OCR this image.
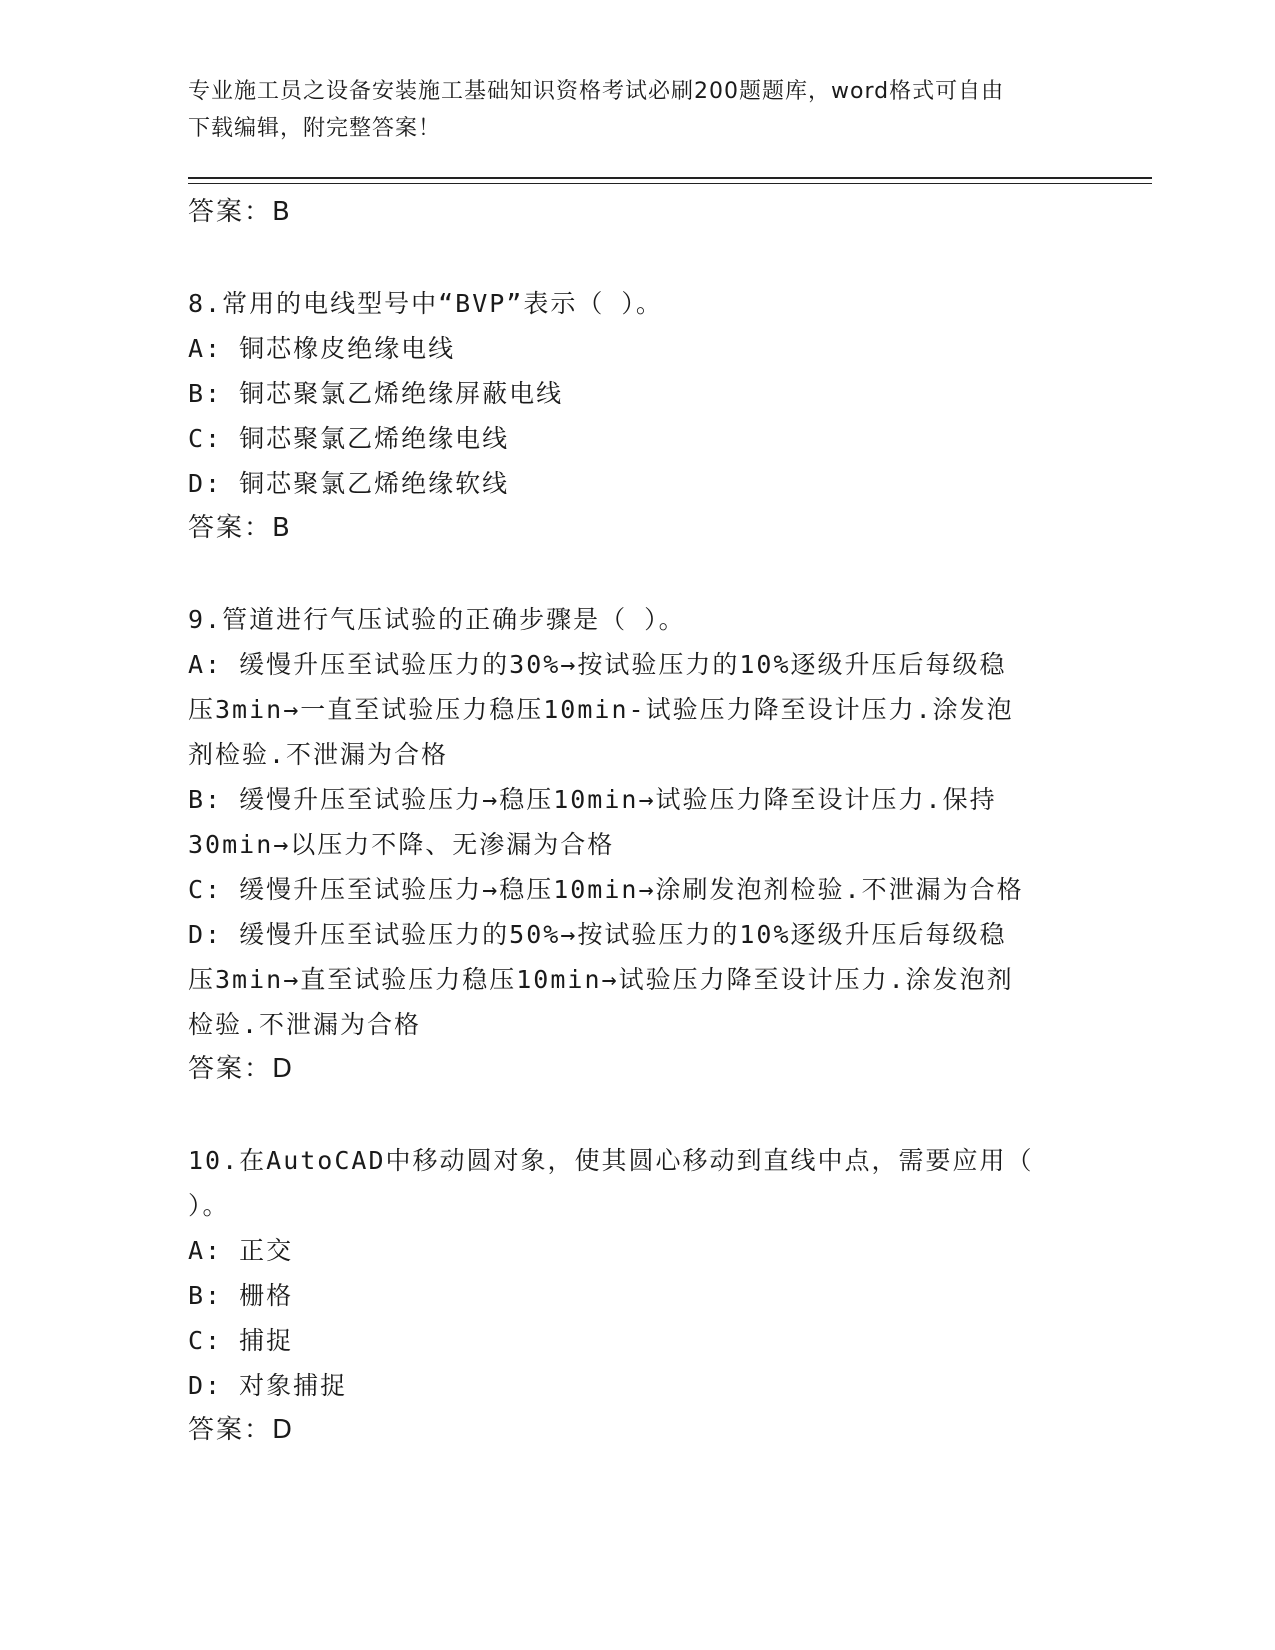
专业施工员之设备安装施工基础知识资格考试必刷200题题库，word格式可自由
下载编辑，附完整答案！
答案：B
8.常用的电线型号中“BVP”表示（ ）。
A: 铜芯橡皮绝缘电线
B: 铜芯聚氯乙烯绝缘屏蔽电线
C: 铜芯聚氯乙烯绝缘电线
D: 铜芯聚氯乙烯绝缘软线
答案：B
9.管道进行气压试验的正确步骤是（ ）。
A: 缓慢升压至试验压力的30%→按试验压力的10%逐级升压后每级稳
压3min→一直至试验压力稳压10min-试验压力降至设计压力.涂发泡
剂检验.不泄漏为合格
B: 缓慢升压至试验压力→稳压10min→试验压力降至设计压力.保持
30min→以压力不降、无渗漏为合格
C: 缓慢升压至试验压力→稳压10min→涂刷发泡剂检验.不泄漏为合格
D: 缓慢升压至试验压力的50%→按试验压力的10%逐级升压后每级稳
压3min→直至试验压力稳压10min→试验压力降至设计压力.涂发泡剂
检验.不泄漏为合格
答案：D
10.在AutoCAD中移动圆对象，使其圆心移动到直线中点，需要应用（
）。
A: 正交
B: 栅格
C: 捕捉
D: 对象捕捉
答案：D
